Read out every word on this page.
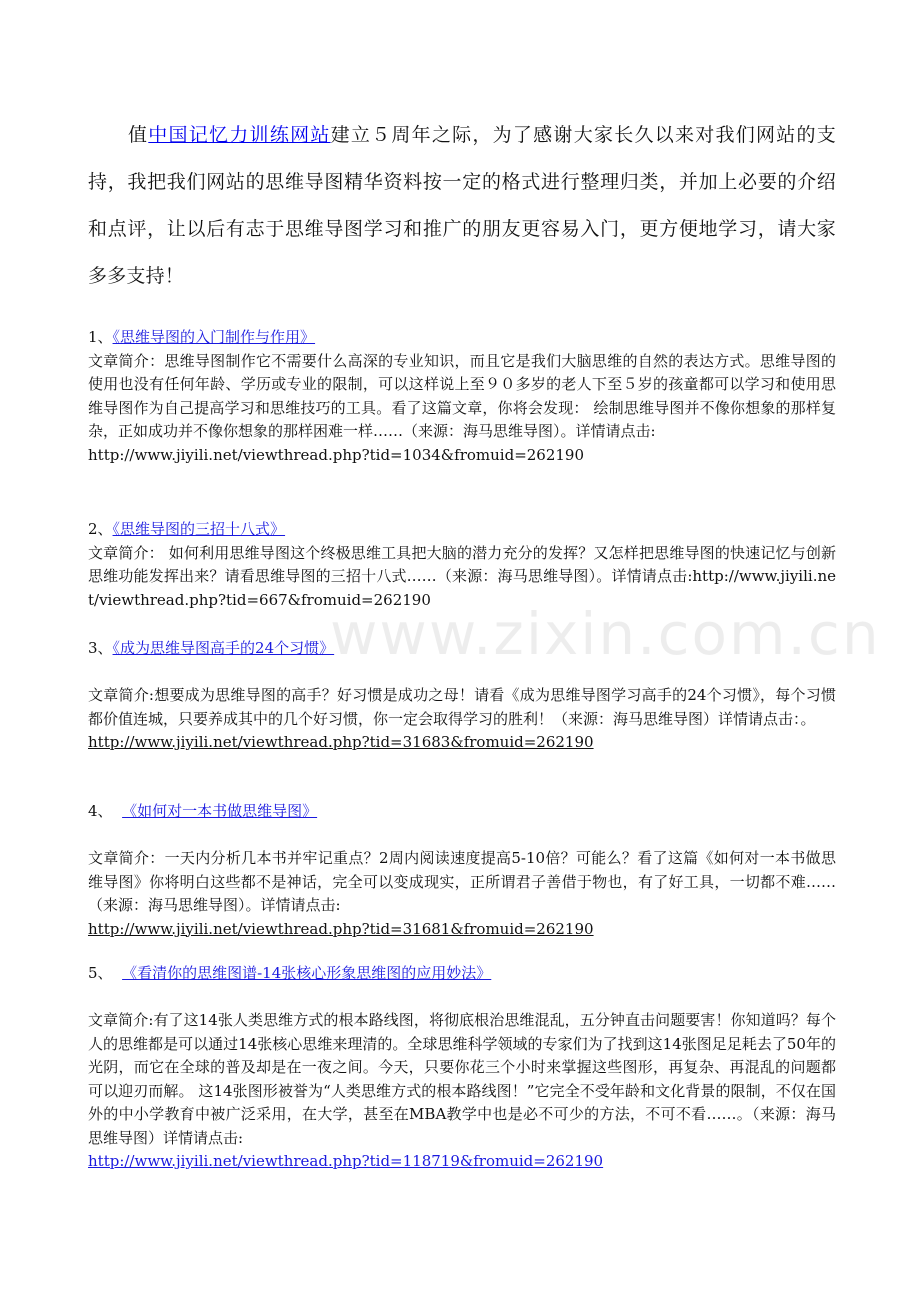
www.zixin.com.cn

值中国记忆力训练网站建立５周年之际，为了感谢大家长久以来对我们网站的支持，我把我们网站的思维导图精华资料按一定的格式进行整理归类，并加上必要的介绍和点评，让以后有志于思维导图学习和推广的朋友更容易入门，更方便地学习，请大家多多支持！

1、《思维导图的入门制作与作用》

文章简介：思维导图制作它不需要什么高深的专业知识，而且它是我们大脑思维的自然的表达方式。思维导图的使用也没有任何年龄、学历或专业的限制，可以这样说上至９０多岁的老人下至５岁的孩童都可以学习和使用思维导图作为自己提高学习和思维技巧的工具。看了这篇文章，你将会发现： 绘制思维导图并不像你想象的那样复杂，正如成功并不像你想象的那样困难一样……（来源：海马思维导图）。详情请点击:

http://www.jiyili.net/viewthread.php?tid=1034&fromuid=262190
2、《思维导图的三招十八式》

文章简介： 如何利用思维导图这个终极思维工具把大脑的潜力充分的发挥？又怎样把思维导图的快速记忆与创新思维功能发挥出来？请看思维导图的三招十八式……（来源：海马思维导图）。详情请点击:http://www.jiyili.net/viewthread.php?tid=667&fromuid=262190

3、《成为思维导图高手的24个习惯》

文章简介:想要成为思维导图的高手？好习惯是成功之母！请看《成为思维导图学习高手的24个习惯》，每个习惯都价值连城，只要养成其中的几个好习惯，你一定会取得学习的胜利！（来源：海马思维导图）详情请点击：。

http://www.jiyili.net/viewthread.php?tid=31683&fromuid=262190
4、 《如何对一本书做思维导图》

文章简介：一天内分析几本书并牢记重点？2周内阅读速度提高5-10倍？可能么？看了这篇《如何对一本书做思维导图》你将明白这些都不是神话，完全可以变成现实，正所谓君子善借于物也，有了好工具，一切都不难……（来源：海马思维导图）。详情请点击:

http://www.jiyili.net/viewthread.php?tid=31681&fromuid=262190
5、 《看清你的思维图谱-14张核心形象思维图的应用妙法》

文章简介:有了这14张人类思维方式的根本路线图，将彻底根治思维混乱，五分钟直击问题要害！你知道吗？每个人的思维都是可以通过14张核心思维来理清的。全球思维科学领域的专家们为了找到这14张图足足耗去了50年的光阴，而它在全球的普及却是在一夜之间。今天，只要你花三个小时来掌握这些图形，再复杂、再混乱的问题都可以迎刃而解。 这14张图形被誉为“人类思维方式的根本路线图！”它完全不受年龄和文化背景的限制，不仅在国外的中小学教育中被广泛采用，在大学，甚至在MBA教学中也是必不可少的方法，不可不看……。（来源：海马思维导图）详情请点击:

http://www.jiyili.net/viewthread.php?tid=118719&fromuid=262190
